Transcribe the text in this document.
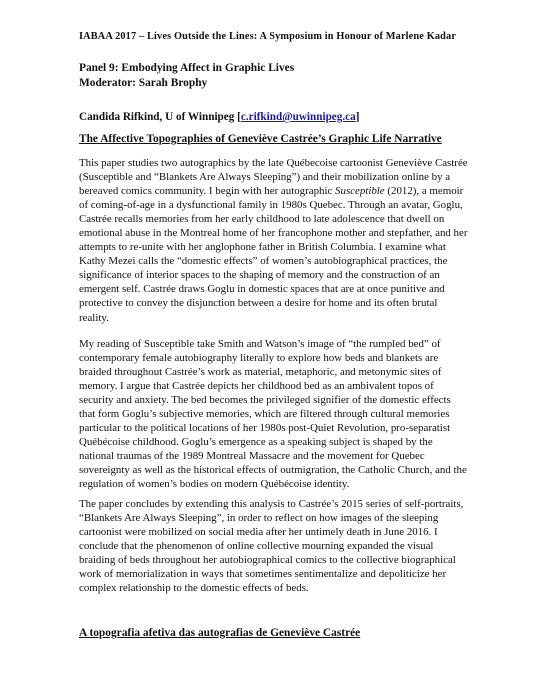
IABAA 2017 – Lives Outside the Lines: A Symposium in Honour of Marlene Kadar
Panel 9: Embodying Affect in Graphic Lives
Moderator: Sarah Brophy
Candida Rifkind, U of Winnipeg [c.rifkind@uwinnipeg.ca]
The Affective Topographies of Geneviève Castrée’s Graphic Life Narrative
This paper studies two autographics by the late Québecoise cartoonist Geneviève Castrée
(Susceptible and “Blankets Are Always Sleeping”) and their mobilization online by a
bereaved comics community. I begin with her autographic Susceptible (2012), a memoir
of coming-of-age in a dysfunctional family in 1980s Quebec. Through an avatar, Goglu,
Castrée recalls memories from her early childhood to late adolescence that dwell on
emotional abuse in the Montreal home of her francophone mother and stepfather, and her
attempts to re-unite with her anglophone father in British Columbia. I examine what
Kathy Mezei calls the “domestic effects” of women’s autobiographical practices, the
significance of interior spaces to the shaping of memory and the construction of an
emergent self. Castrée draws Goglu in domestic spaces that are at once punitive and
protective to convey the disjunction between a desire for home and its often brutal
reality.
My reading of Susceptible take Smith and Watson’s image of “the rumpled bed” of
contemporary female autobiography literally to explore how beds and blankets are
braided throughout Castrée’s work as material, metaphoric, and metonymic sites of
memory. I argue that Castrée depicts her childhood bed as an ambivalent topos of
security and anxiety. The bed becomes the privileged signifier of the domestic effects
that form Goglu’s subjective memories, which are filtered through cultural memories
particular to the political locations of her 1980s post-Quiet Revolution, pro-separatist
Québécoise childhood. Goglu’s emergence as a speaking subject is shaped by the
national traumas of the 1989 Montreal Massacre and the movement for Quebec
sovereignty as well as the historical effects of outmigration, the Catholic Church, and the
regulation of women’s bodies on modern Québécoise identity.
The paper concludes by extending this analysis to Castrée’s 2015 series of self-portraits,
“Blankets Are Always Sleeping”, in order to reflect on how images of the sleeping
cartoonist were mobilized on social media after her untimely death in June 2016. I
conclude that the phenomenon of online collective mourning expanded the visual
braiding of beds throughout her autobiographical comics to the collective biographical
work of memorialization in ways that sometimes sentimentalize and depoliticize her
complex relationship to the domestic effects of beds.
A topografia afetiva das autografias de Geneviève Castrée
